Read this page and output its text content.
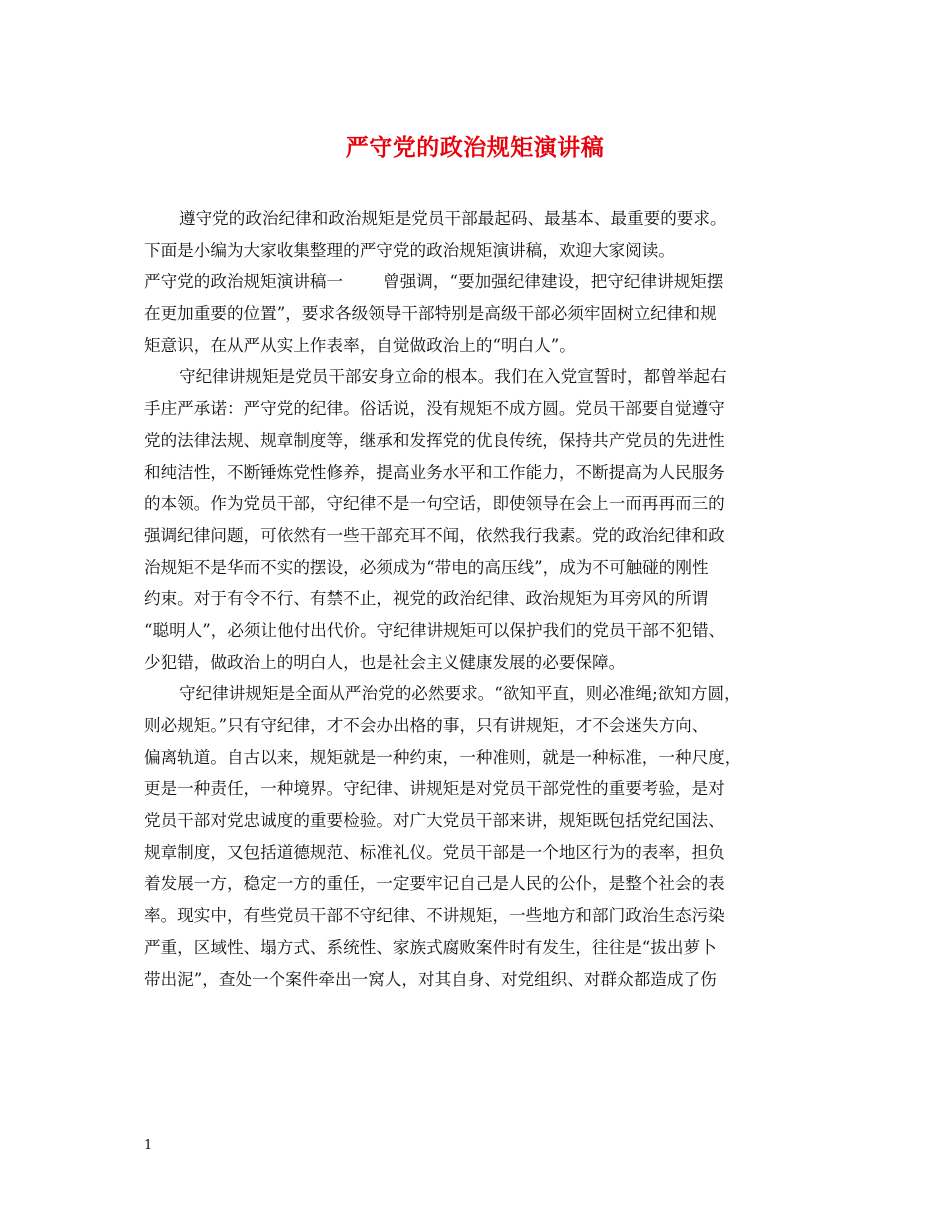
严守党的政治规矩演讲稿
遵守党的政治纪律和政治规矩是党员干部最起码、最基本、最重要的要求。
下面是小编为大家收集整理的严守党的政治规矩演讲稿，欢迎大家阅读。
严守党的政治规矩演讲稿一 曾强调，“要加强纪律建设，把守纪律讲规矩摆
在更加重要的位置”，要求各级领导干部特别是高级干部必须牢固树立纪律和规
矩意识，在从严从实上作表率，自觉做政治上的“明白人”。
守纪律讲规矩是党员干部安身立命的根本。我们在入党宣誓时，都曾举起右
手庄严承诺：严守党的纪律。俗话说，没有规矩不成方圆。党员干部要自觉遵守
党的法律法规、规章制度等，继承和发挥党的优良传统，保持共产党员的先进性
和纯洁性，不断锤炼党性修养，提高业务水平和工作能力，不断提高为人民服务
的本领。作为党员干部，守纪律不是一句空话，即使领导在会上一而再再而三的
强调纪律问题，可依然有一些干部充耳不闻，依然我行我素。党的政治纪律和政
治规矩不是华而不实的摆设，必须成为“带电的高压线”，成为不可触碰的刚性
约束。对于有令不行、有禁不止，视党的政治纪律、政治规矩为耳旁风的所谓
“聪明人”，必须让他付出代价。守纪律讲规矩可以保护我们的党员干部不犯错、
少犯错，做政治上的明白人，也是社会主义健康发展的必要保障。
守纪律讲规矩是全面从严治党的必然要求。“欲知平直，则必准绳;欲知方圆，
则必规矩。”只有守纪律，才不会办出格的事，只有讲规矩，才不会迷失方向、
偏离轨道。自古以来，规矩就是一种约束，一种准则，就是一种标准，一种尺度，
更是一种责任，一种境界。守纪律、讲规矩是对党员干部党性的重要考验，是对
党员干部对党忠诚度的重要检验。对广大党员干部来讲，规矩既包括党纪国法、
规章制度，又包括道德规范、标准礼仪。党员干部是一个地区行为的表率，担负
着发展一方，稳定一方的重任，一定要牢记自己是人民的公仆，是整个社会的表
率。现实中，有些党员干部不守纪律、不讲规矩，一些地方和部门政治生态污染
严重，区域性、塌方式、系统性、家族式腐败案件时有发生，往往是“拔出萝卜
带出泥”，查处一个案件牵出一窝人，对其自身、对党组织、对群众都造成了伤
1
